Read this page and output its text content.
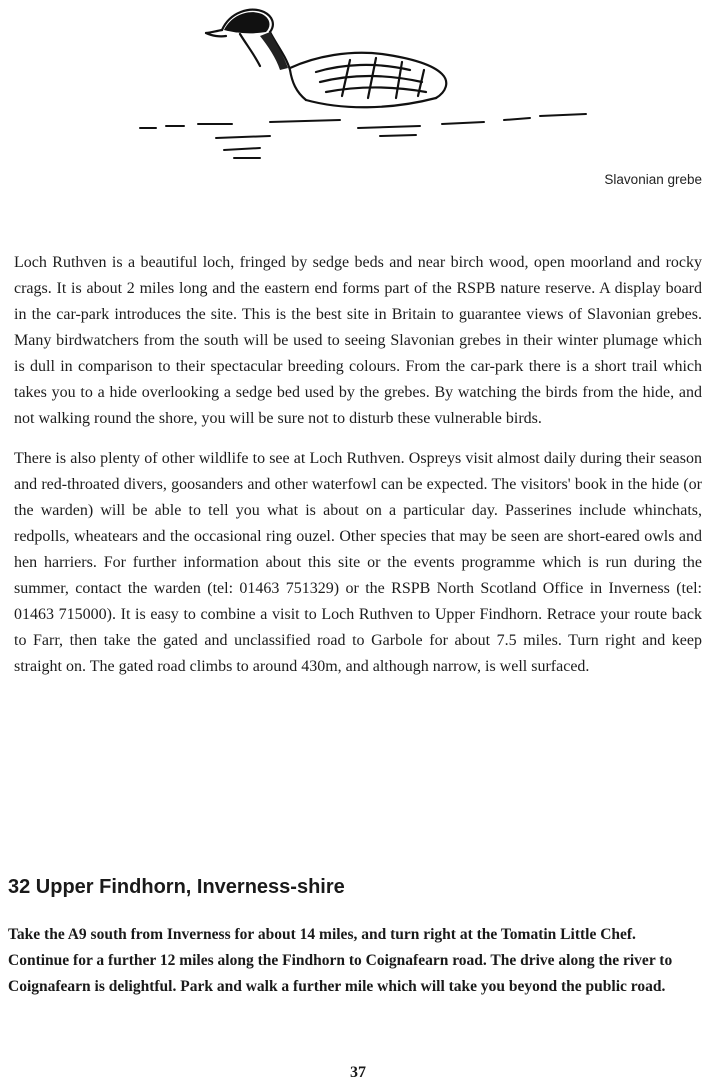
Slavonian grebe

Loch Ruthven is a beautiful loch, fringed by sedge beds and near birch wood, open moorland and rocky crags. It is about 2 miles long and the eastern end forms part of the RSPB nature reserve. A display board in the car-park introduces the site. This is the best site in Britain to guarantee views of Slavonian grebes. Many birdwatchers from the south will be used to seeing Slavonian grebes in their winter plumage which is dull in comparison to their spectacular breeding colours. From the car-park there is a short trail which takes you to a hide overlooking a sedge bed used by the grebes. By watching the birds from the hide, and not walking round the shore, you will be sure not to disturb these vulnerable birds.

There is also plenty of other wildlife to see at Loch Ruthven. Ospreys visit almost daily during their season and red-throated divers, goosanders and other waterfowl can be expected. The visitors' book in the hide (or the warden) will be able to tell you what is about on a particular day. Passerines include whinchats, redpolls, wheatears and the occasional ring ouzel. Other species that may be seen are short-eared owls and hen harriers. For further information about this site or the events programme which is run during the summer, contact the warden (tel: 01463 751329) or the RSPB North Scotland Office in Inverness (tel: 01463 715000). It is easy to combine a visit to Loch Ruthven to Upper Findhorn. Retrace your route back to Farr, then take the gated and unclassified road to Garbole for about 7.5 miles. Turn right and keep straight on. The gated road climbs to around 430m, and although narrow, is well surfaced.

32 Upper Findhorn, Inverness-shire

Take the A9 south from Inverness for about 14 miles, and turn right at the Tomatin Little Chef. Continue for a further 12 miles along the Findhorn to Coignafearn road. The drive along the river to Coignafearn is delightful. Park and walk a further mile which will take you beyond the public road.

37
